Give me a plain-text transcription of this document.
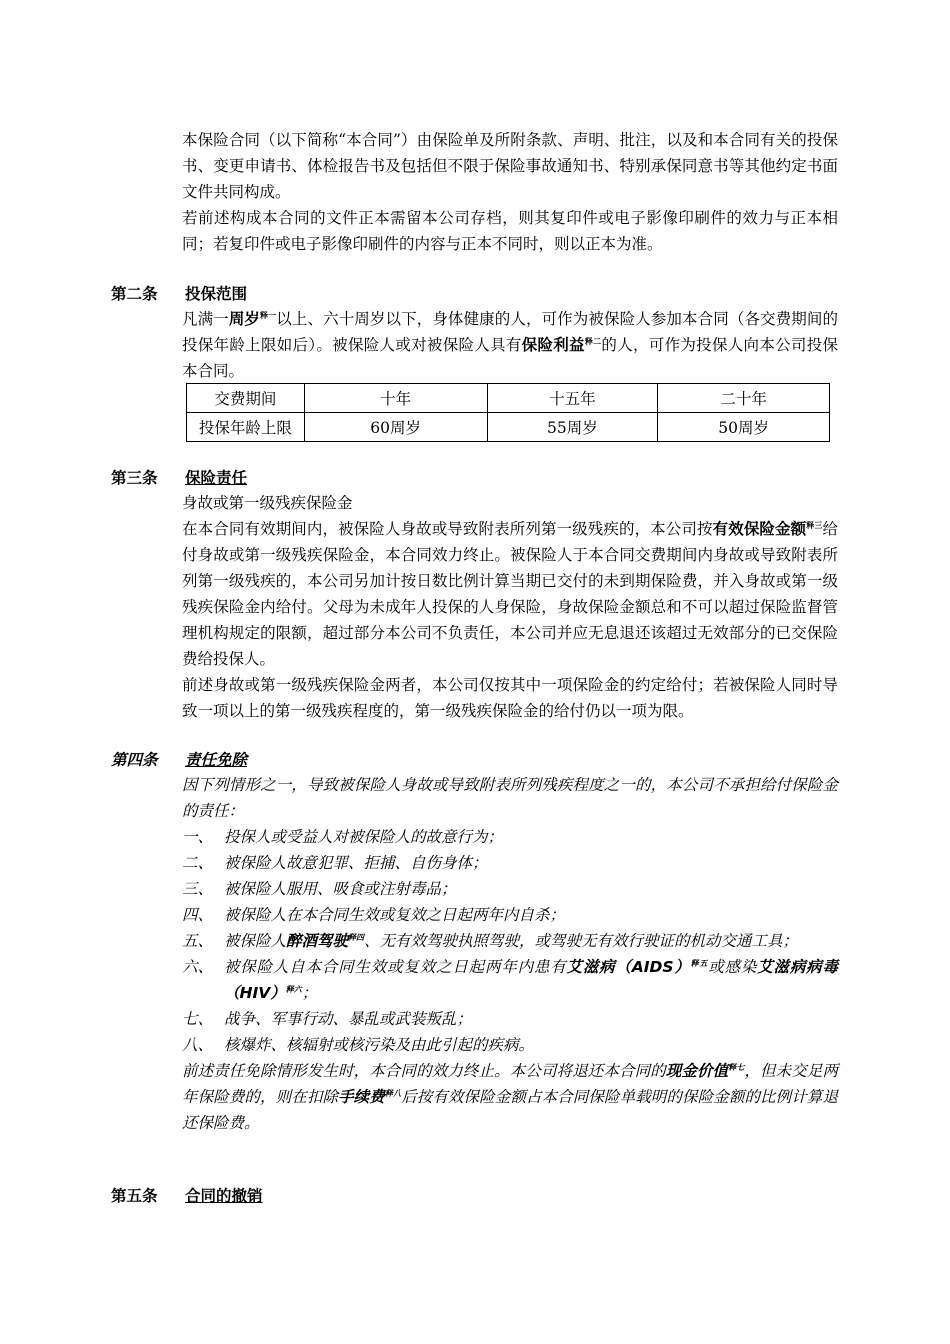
本保险合同（以下简称“本合同”）由保险单及所附条款、声明、批注，以及和本合同有关的投保书、变更申请书、体检报告书及包括但不限于保险事故通知书、特别承保同意书等其他约定书面文件共同构成。

若前述构成本合同的文件正本需留本公司存档，则其复印件或电子影像印刷件的效力与正本相同；若复印件或电子影像印刷件的内容与正本不同时，则以正本为准。

第二条 投保范围

凡满一周岁$^{释一}$以上、六十周岁以下，身体健康的人，可作为被保险人参加本合同（各交费期间的投保年龄上限如后）。被保险人或对被保险人具有保险利益$^{释二}$的人，可作为投保人向本公司投保本合同。

交费期间	十年	十五年	二十年
投保年龄上限	60周岁	55周岁	50周岁
第三条 保险责任

身故或第一级残疾保险金

在本合同有效期间内，被保险人身故或导致附表所列第一级残疾的，本公司按有效保险金额$^{释三}$给付身故或第一级残疾保险金，本合同效力终止。被保险人于本合同交费期间内身故或导致附表所列第一级残疾的，本公司另加计按日数比例计算当期已交付的未到期保险费，并入身故或第一级残疾保险金内给付。父母为未成年人投保的人身保险，身故保险金额总和不可以超过保险监督管理机构规定的限额，超过部分本公司不负责任，本公司并应无息退还该超过无效部分的已交保险费给投保人。

前述身故或第一级残疾保险金两者，本公司仅按其中一项保险金的约定给付；若被保险人同时导致一项以上的第一级残疾程度的，第一级残疾保险金的给付仍以一项为限。

第四条 责任免除
因下列情形之一，导致被保险人身故或导致附表所列残疾程度之一的，本公司不承担给付保险金的责任：
一、 投保人或受益人对被保险人的故意行为；
二、 被保险人故意犯罪、拒捕、自伤身体；
三、 被保险人服用、吸食或注射毒品；
四、 被保险人在本合同生效或复效之日起两年内自杀；
五、 被保险人醉酒驾驶$^{释四}$、无有效驾驶执照驾驶，或驾驶无有效行驶证的机动交通工具；
六、 被保险人自本合同生效或复效之日起两年内患有艾滋病（AIDS）$^{释五}$或感染艾滋病病毒（HIV）$^{释六}$；
七、 战争、军事行动、暴乱或武装叛乱；
八、 核爆炸、核辐射或核污染及由此引起的疾病。
前述责任免除情形发生时，本合同的效力终止。本公司将退还本合同的现金价值$^{释七}$，但未交足两年保险费的，则在扣除手续费$^{释八}$后按有效保险金额占本合同保险单载明的保险金额的比例计算退还保险费。
第五条 合同的撤销
